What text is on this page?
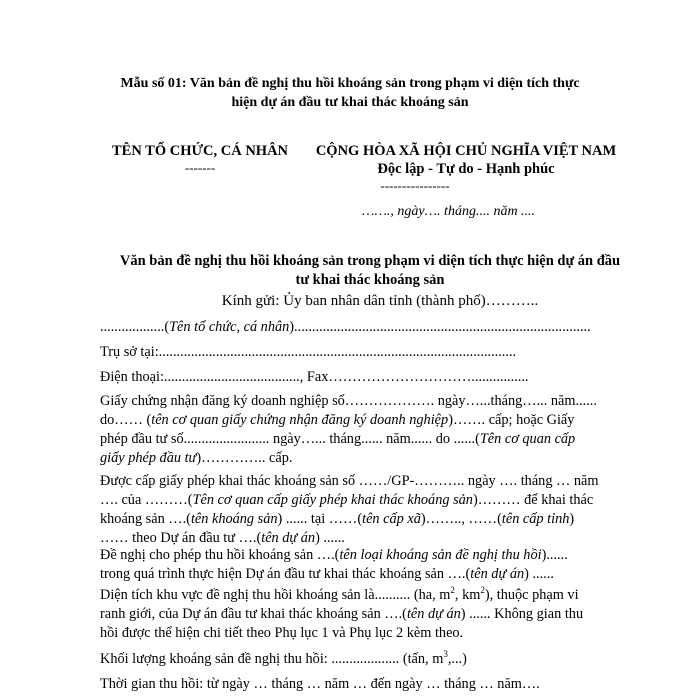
Mẫu số 01: Văn bản đề nghị thu hồi khoáng sản trong phạm vi diện tích thực
hiện dự án đầu tư khai thác khoáng sản
TÊN TỔ CHỨC, CÁ NHÂN
-------
CỘNG HÒA XÃ HỘI CHỦ NGHĨA VIỆT NAM
Độc lập - Tự do - Hạnh phúc
----------------
……., ngày…. tháng.... năm ....
Văn bản đề nghị thu hồi khoáng sản trong phạm vi diện tích thực hiện dự án đầu
tư khai thác khoáng sản
Kính gửi: Ủy ban nhân dân tỉnh (thành phố)………..
..................(Tên tổ chức, cá nhân)...................................................................................
Trụ sở tại:....................................................................................................
Điện thoại:......................................, Fax…………………………................
Giấy chứng nhận đăng ký doanh nghiệp số………………. ngày…...tháng…... năm......
do…… (tên cơ quan giấy chứng nhận đăng ký doanh nghiệp)……. cấp; hoặc Giấy
phép đầu tư số........................ ngày…... tháng...... năm...... do ......(Tên cơ quan cấp
giấy phép đầu tư)………….. cấp.
Được cấp giấy phép khai thác khoáng sản số ……/GP-……….. ngày …. tháng … năm
…. của ………(Tên cơ quan cấp giấy phép khai thác khoáng sản)……… để khai thác
khoáng sản ….(tên khoáng sản) ...... tại ……(tên cấp xã)…….., ……(tên cấp tỉnh)
…… theo Dự án đầu tư ….(tên dự án) ......
Đề nghị cho phép thu hồi khoáng sản ….(tên loại khoáng sản đề nghị thu hồi)......
trong quá trình thực hiện Dự án đầu tư khai thác khoáng sản ….(tên dự án) ......
Diện tích khu vực đề nghị thu hồi khoáng sản là.......... (ha, $m^2$, $km^2$), thuộc phạm vi
ranh giới, của Dự án đầu tư khai thác khoáng sản ….(tên dự án) ...... Không gian thu
hồi được thể hiện chi tiết theo Phụ lục 1 và Phụ lục 2 kèm theo.
Khối lượng khoáng sản đề nghị thu hồi: ................... (tấn, $m^3$,...)
Thời gian thu hồi: từ ngày … tháng … năm … đến ngày … tháng … năm….
